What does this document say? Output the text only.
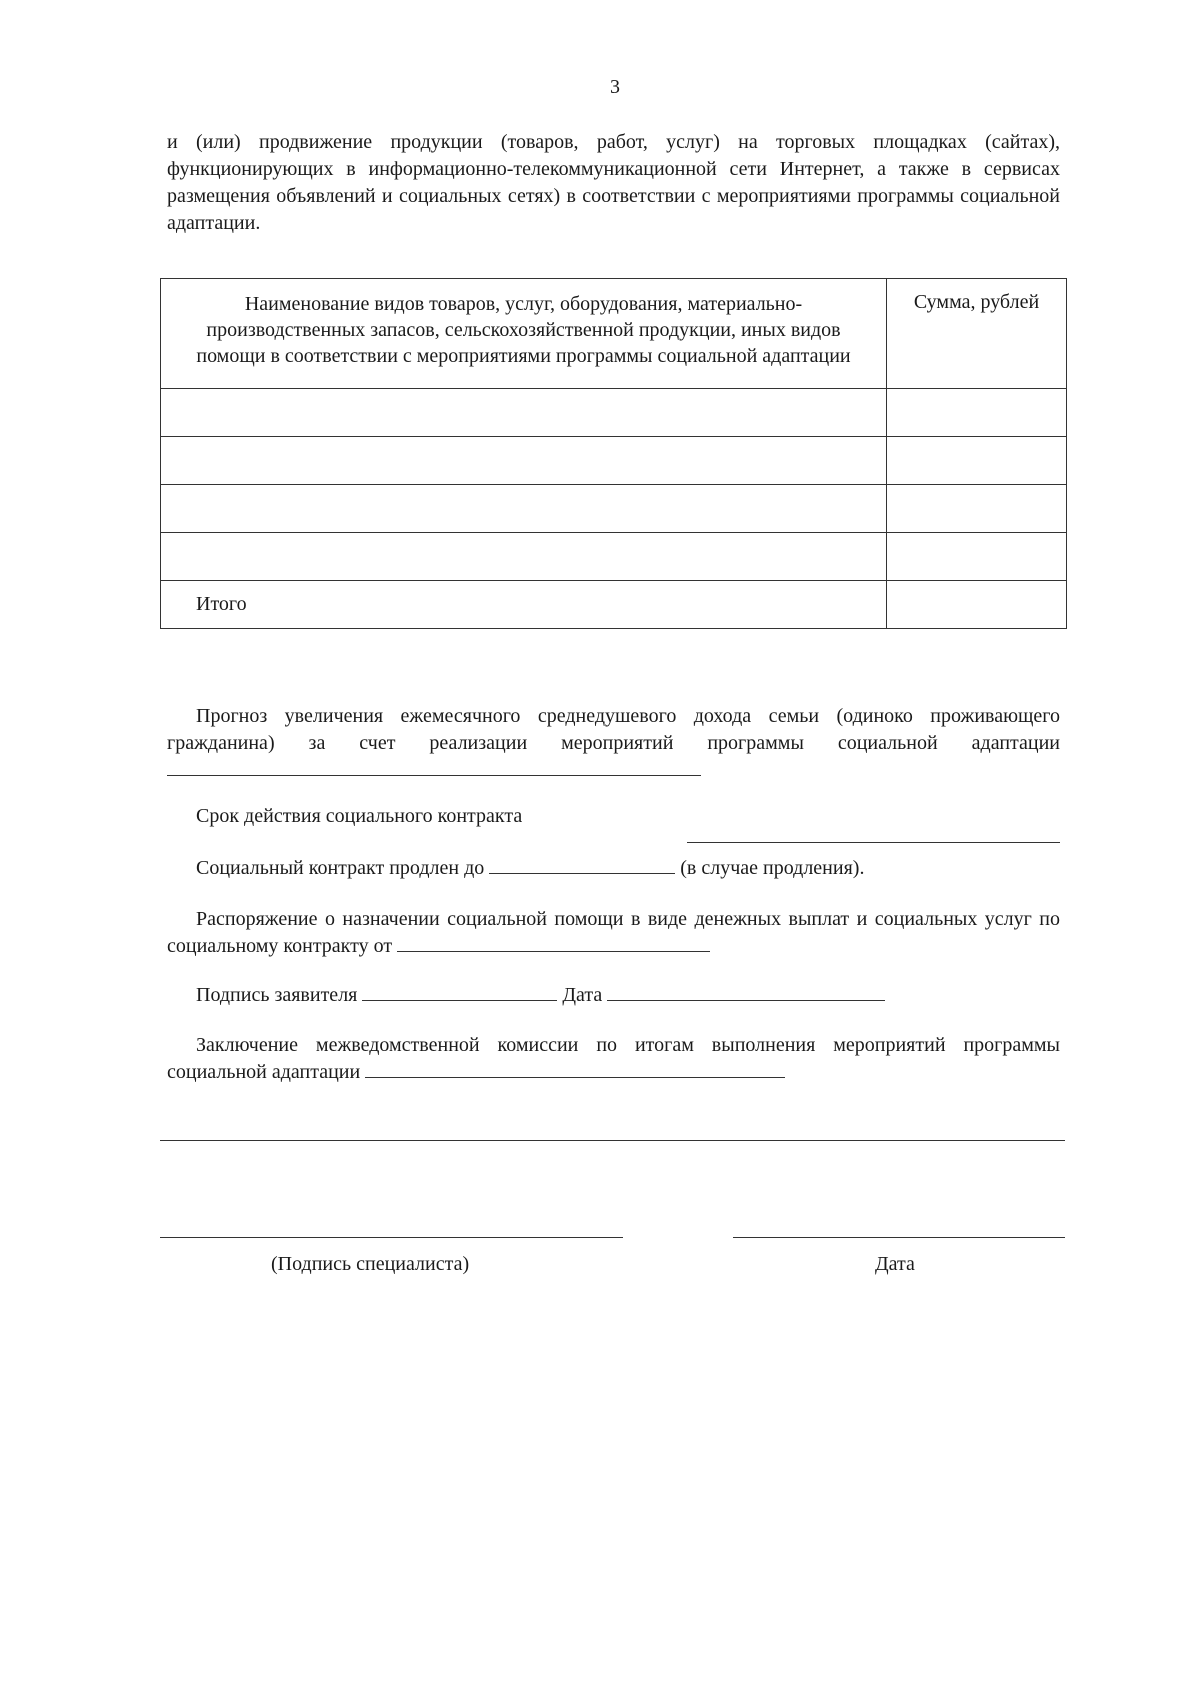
3

и (или) продвижение продукции (товаров, работ, услуг) на торговых площадках (сайтах), функционирующих в информационно-телекоммуникационной сети Интернет, а также в сервисах размещения объявлений и социальных сетях) в соответствии с мероприятиями программы социальной адаптации.

Наименование видов товаров, услуг, оборудования, материально-производственных запасов, сельскохозяйственной продукции, иных видов помощи в соответствии с мероприятиями программы социальной адаптации	Сумма, рублей

Итого	

Прогноз увеличения ежемесячного среднедушевого дохода семьи (одиноко проживающего гражданина) за счет реализации мероприятий программы социальной адаптации

Срок действия социального контракта

Социальный контракт продлен до	(в случае продления).

Распоряжение о назначении социальной помощи в виде денежных выплат и социальных услуг по социальному контракту от

Подпись заявителя	Дата

Заключение межведомственной комиссии по итогам выполнения мероприятий программы социальной адаптации

(Подпись специалиста)	Дата
